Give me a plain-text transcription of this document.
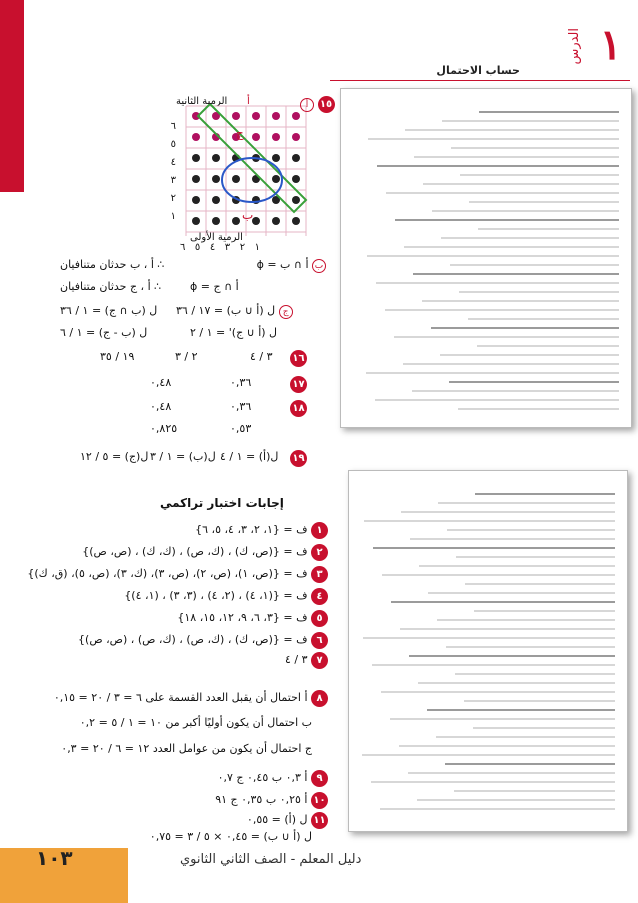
١
الدرس
حساب الاحتمال
الرمية الثانية أ
ج
ب
الرمية الأولى
١   ٢   ٣   ٤   ٥   ٦
٦
٥
٤
٣
٢
١
١٥ أ
ب أ ∩ ب = ϕ
∴ أ ، ب حدثان متنافيان
أ ∩ ج = ϕ
∴ أ ، ج حدثان متنافيان
ج ل (أ ∪ ب) = ١٧ / ٣٦
ل (ب ∩ ج) = ١ / ٣٦
ل (أ ∪ ج)' = ١ / ٢
ل (ب - ج) = ١ / ٦
١٦
٣ / ٤
٢ / ٣
١٩ / ٣٥
١٧
٠,٣٦
٠,٤٨
١٨
٠,٣٦
٠,٤٨
٠,٥٣
٠,٨٢٥
١٩
ل(أ) = ١ / ٤
ل(ب) = ١ / ٣
ل(ج) = ٥ / ١٢
إجابات اختبار تراكمي
١ ف = {١، ٢، ٣، ٤، ٥، ٦}
٢ ف = {(ص، ك) ، (ك، ص) ، (ك، ك) ، (ص، ص)}
٣ ف = {(ص، ١)، (ص، ٢)، (ص، ٣)، (ك، ٣)، (ص، ٥)، (ق، ك)}
٤ ف = {(١، ٤) ، (٢، ٤) ، (٣، ٣) ، (١، ٤)}
٥ ف = {٣، ٦، ٩، ١٢، ١٥، ١٨}
٦ ف = {(ص، ك) ، (ك، ص) ، (ك، ص) ، (ص، ص)}
٧ ٣ / ٤
٨ أ احتمال أن يقبل العدد القسمة على ٦ = ٣ / ٢٠ = ٠,١٥
ب احتمال أن يكون أوليًا أكبر من ١٠ = ١ / ٥ = ٠,٢
ج احتمال أن يكون من عوامل العدد ١٢ = ٦ / ٢٠ = ٠,٣
٩ أ ٠,٣ ب ٠,٤٥ ج ٠,٧
١٠ أ ٠,٢٥ ب ٠,٣٥ ج ٩١
١١ ل (أ) = ٠,٥٥
ل (أ ∪ ب) = ٠,٤٥ × ٥ / ٣ = ٠,٧٥
١٠٣	دليل المعلم - الصف الثاني الثانوي
